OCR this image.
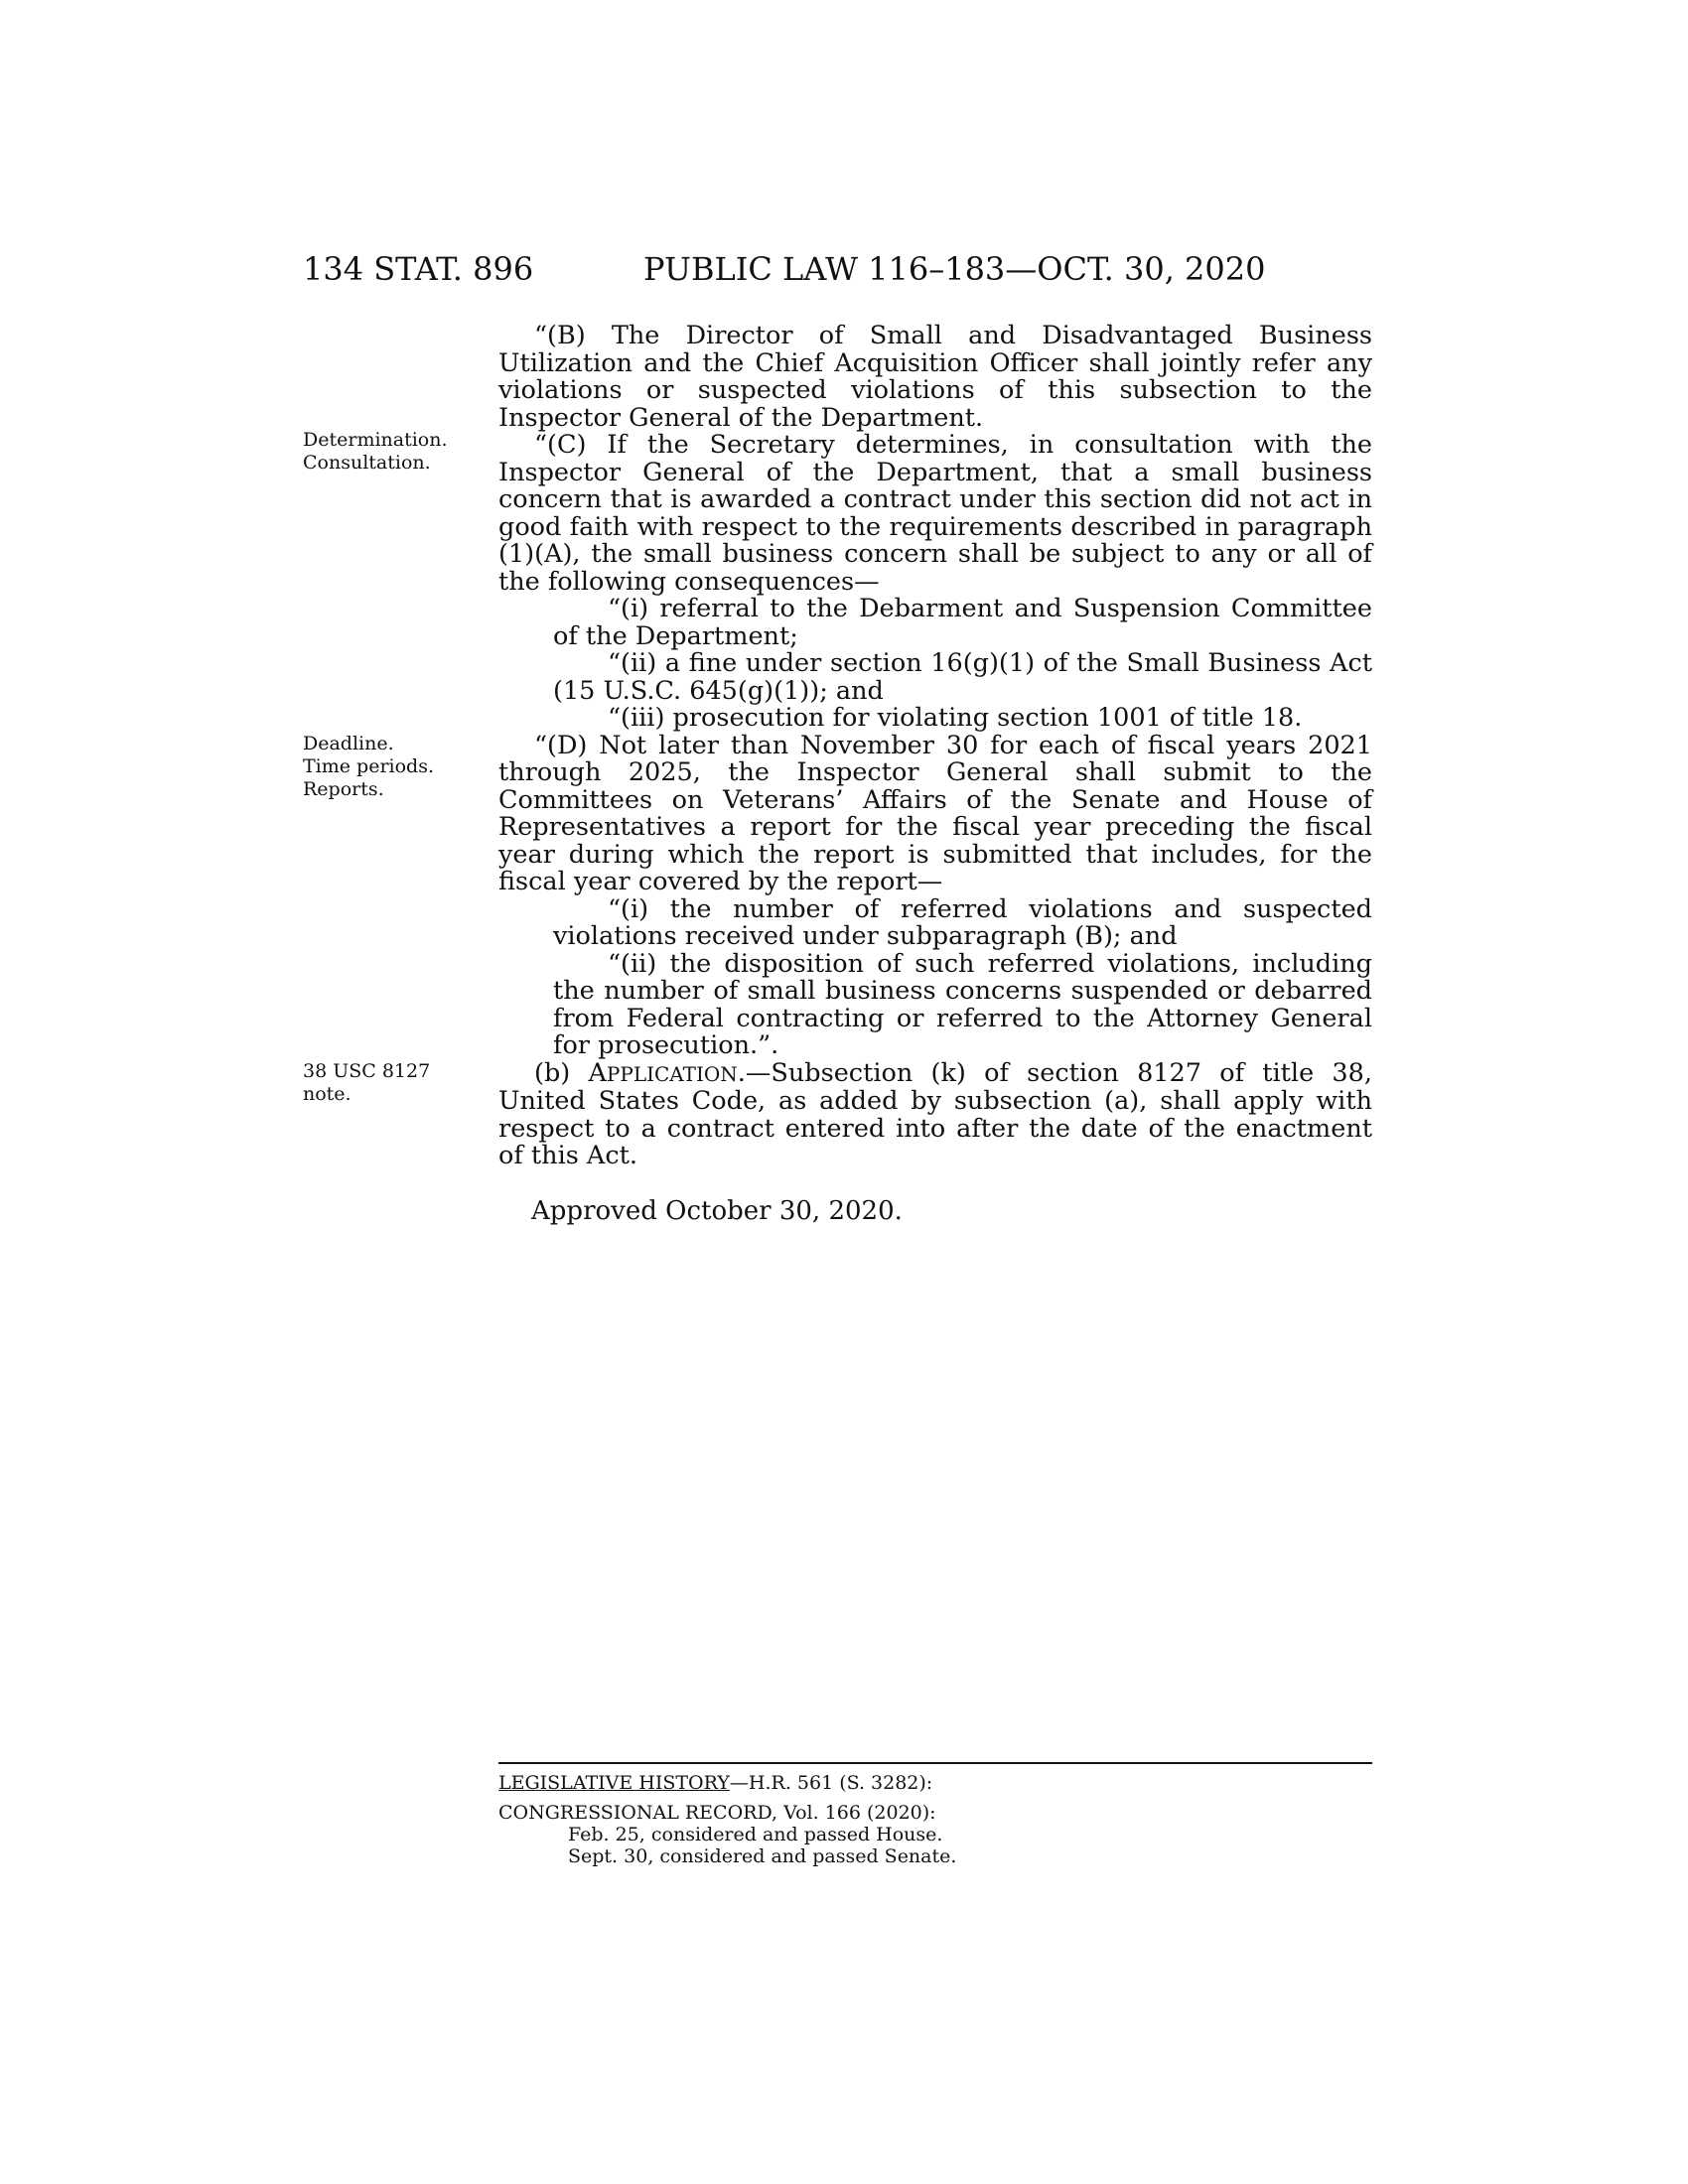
134 STAT. 896	PUBLIC LAW 116–183—OCT. 30, 2020
Determination.
Consultation.
Deadline.
Time periods.
Reports.
38 USC 8127
note.

“(B) The Director of Small and Disadvantaged Business Utilization and the Chief Acquisition Officer shall jointly refer any violations or suspected violations of this subsection to the Inspector General of the Department.

“(C) If the Secretary determines, in consultation with the Inspector General of the Department, that a small business concern that is awarded a contract under this section did not act in good faith with respect to the requirements described in paragraph (1)(A), the small business concern shall be subject to any or all of the following consequences—

“(i) referral to the Debarment and Suspension Committee of the Department;

“(ii) a fine under section 16(g)(1) of the Small Business Act (15 U.S.C. 645(g)(1)); and

“(iii) prosecution for violating section 1001 of title 18.

“(D) Not later than November 30 for each of fiscal years 2021 through 2025, the Inspector General shall submit to the Committees on Veterans’ Affairs of the Senate and House of Representatives a report for the fiscal year preceding the fiscal year during which the report is submitted that includes, for the fiscal year covered by the report—

“(i) the number of referred violations and suspected violations received under subparagraph (B); and

“(ii) the disposition of such referred violations, including the number of small business concerns suspended or debarred from Federal contracting or referred to the Attorney General for prosecution.”.

(b) APPLICATION.—Subsection (k) of section 8127 of title 38, United States Code, as added by subsection (a), shall apply with respect to a contract entered into after the date of the enactment of this Act.

Approved October 30, 2020.
LEGISLATIVE HISTORY—H.R. 561 (S. 3282):
CONGRESSIONAL RECORD, Vol. 166 (2020):
Feb. 25, considered and passed House.
Sept. 30, considered and passed Senate.
